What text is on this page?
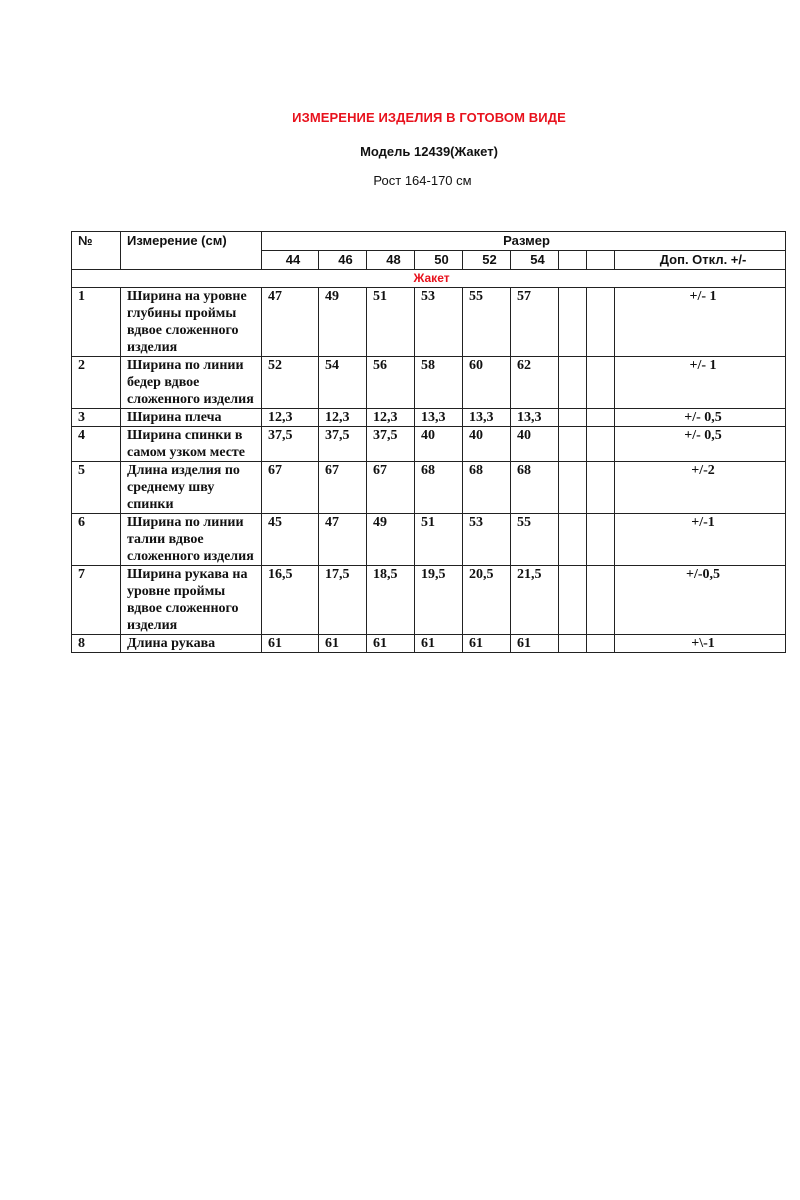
ИЗМЕРЕНИЕ ИЗДЕЛИЯ В ГОТОВОМ ВИДЕ
Модель 12439(Жакет)
Рост 164-170 см
№	Измерение (см)	Размер								
		44	46	48	50	52	54			Доп. Откл. +/-
Жакет										
1	Ширина на уровне глубины проймы вдвое сложенного изделия	47	49	51	53	55	57			+/- 1
2	Ширина по линии бедер вдвое сложенного изделия	52	54	56	58	60	62			+/- 1
3	Ширина плеча	12,3	12,3	12,3	13,3	13,3	13,3			+/- 0,5
4	Ширина спинки в самом узком месте	37,5	37,5	37,5	40	40	40			+/- 0,5
5	Длина изделия по среднему шву спинки	67	67	67	68	68	68			+/-2
6	Ширина по линии талии вдвое сложенного изделия	45	47	49	51	53	55			+/-1
7	Ширина рукава на уровне проймы вдвое сложенного изделия	16,5	17,5	18,5	19,5	20,5	21,5			+/-0,5
8	Длина рукава	61	61	61	61	61	61			+\-1
